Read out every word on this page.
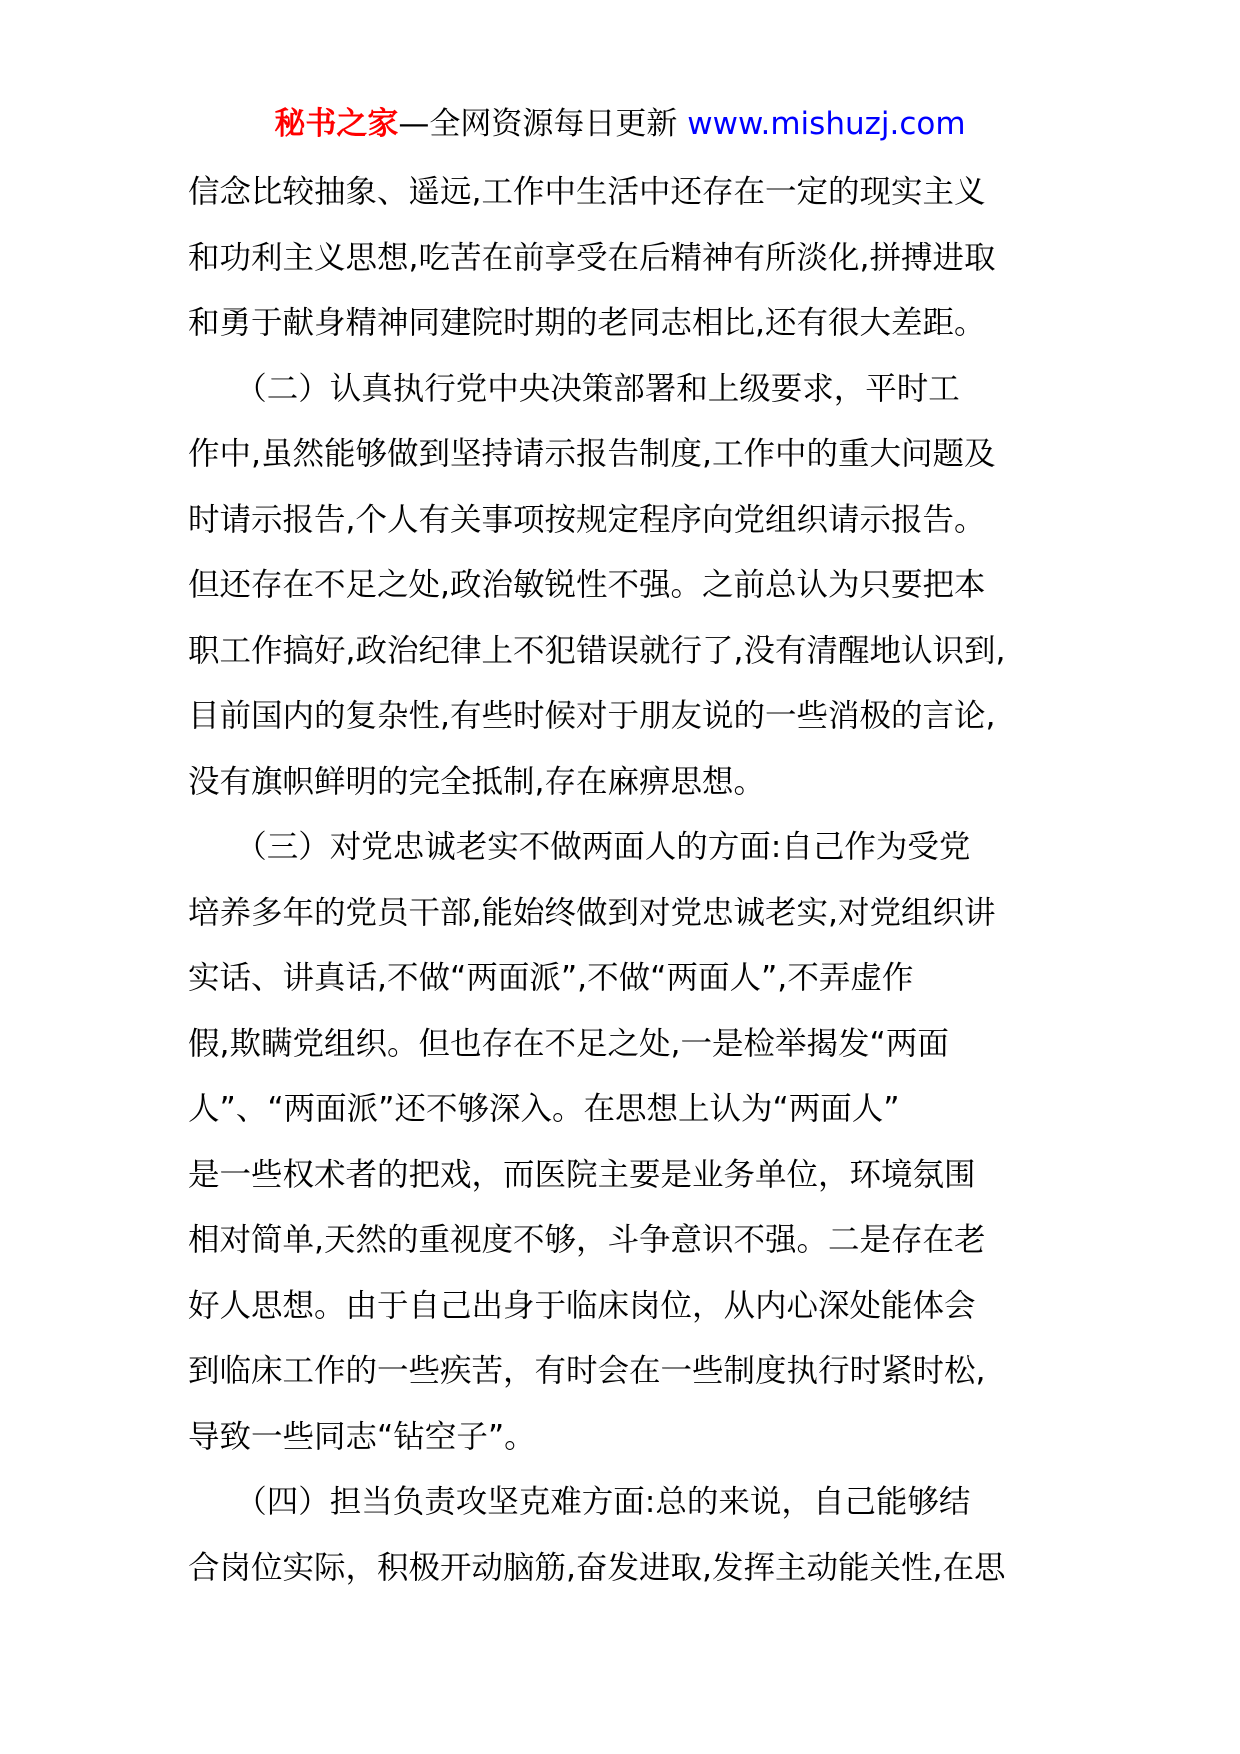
秘书之家—全网资源每日更新 www.mishuzj.com
信念比较抽象、遥远,工作中生活中还存在一定的现实主义
和功利主义思想,吃苦在前享受在后精神有所淡化,拼搏进取
和勇于献身精神同建院时期的老同志相比,还有很大差距。
　　（二）认真执行党中央决策部署和上级要求，平时工
作中,虽然能够做到坚持请示报告制度,工作中的重大问题及
时请示报告,个人有关事项按规定程序向党组织请示报告。
但还存在不足之处,政治敏锐性不强。之前总认为只要把本
职工作搞好,政治纪律上不犯错误就行了,没有清醒地认识到,
目前国内的复杂性,有些时候对于朋友说的一些消极的言论,
没有旗帜鲜明的完全抵制,存在麻痹思想。
　　（三）对党忠诚老实不做两面人的方面:自己作为受党
培养多年的党员干部,能始终做到对党忠诚老实,对党组织讲
实话、讲真话,不做“两面派”,不做“两面人”,不弄虚作
假,欺瞒党组织。但也存在不足之处,一是检举揭发“两面
人”、“两面派”还不够深入。在思想上认为“两面人”
是一些权术者的把戏，而医院主要是业务单位，环境氛围
相对简单,天然的重视度不够，斗争意识不强。二是存在老
好人思想。由于自己出身于临床岗位，从内心深处能体会
到临床工作的一些疾苦，有时会在一些制度执行时紧时松,
导致一些同志“钻空子”。
　　（四）担当负责攻坚克难方面:总的来说，自己能够结
合岗位实际，积极开动脑筋,奋发进取,发挥主动能关性,在思
